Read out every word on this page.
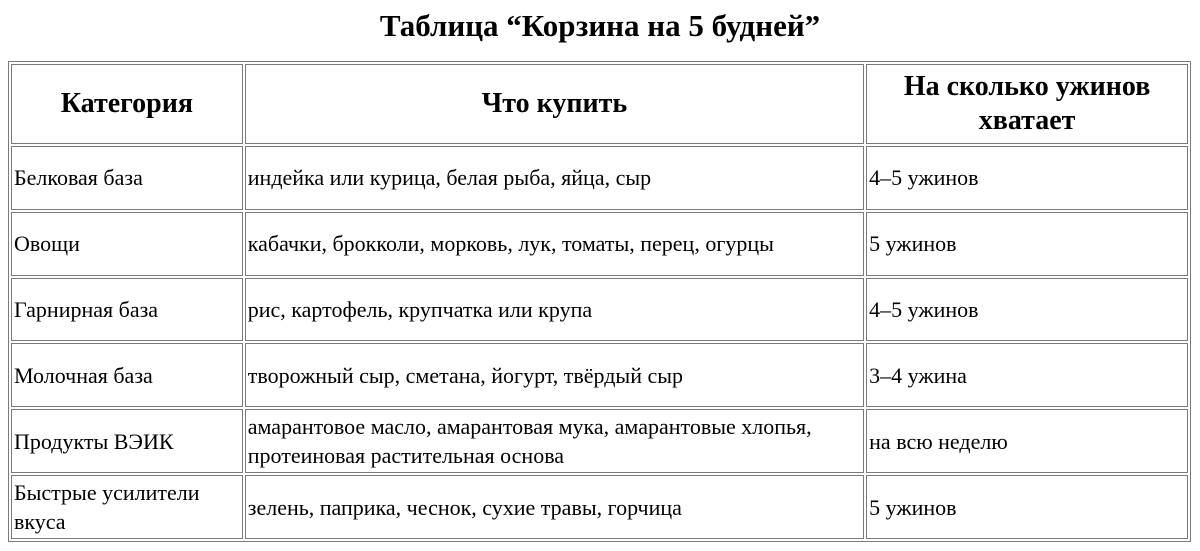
Таблица “Корзина на 5 будней”
Категория	Что купить	На сколько ужинов хватает
Белковая база	индейка или курица, белая рыба, яйца, сыр	4–5 ужинов
Овощи	кабачки, брокколи, морковь, лук, томаты, перец, огурцы	5 ужинов
Гарнирная база	рис, картофель, крупчатка или крупа	4–5 ужинов
Молочная база	творожный сыр, сметана, йогурт, твёрдый сыр	3–4 ужина
Продукты ВЭИК	амарантовое масло, амарантовая мука, амарантовые хлопья, протеиновая растительная основа	на всю неделю
Быстрые усилители вкуса	зелень, паприка, чеснок, сухие травы, горчица	5 ужинов
